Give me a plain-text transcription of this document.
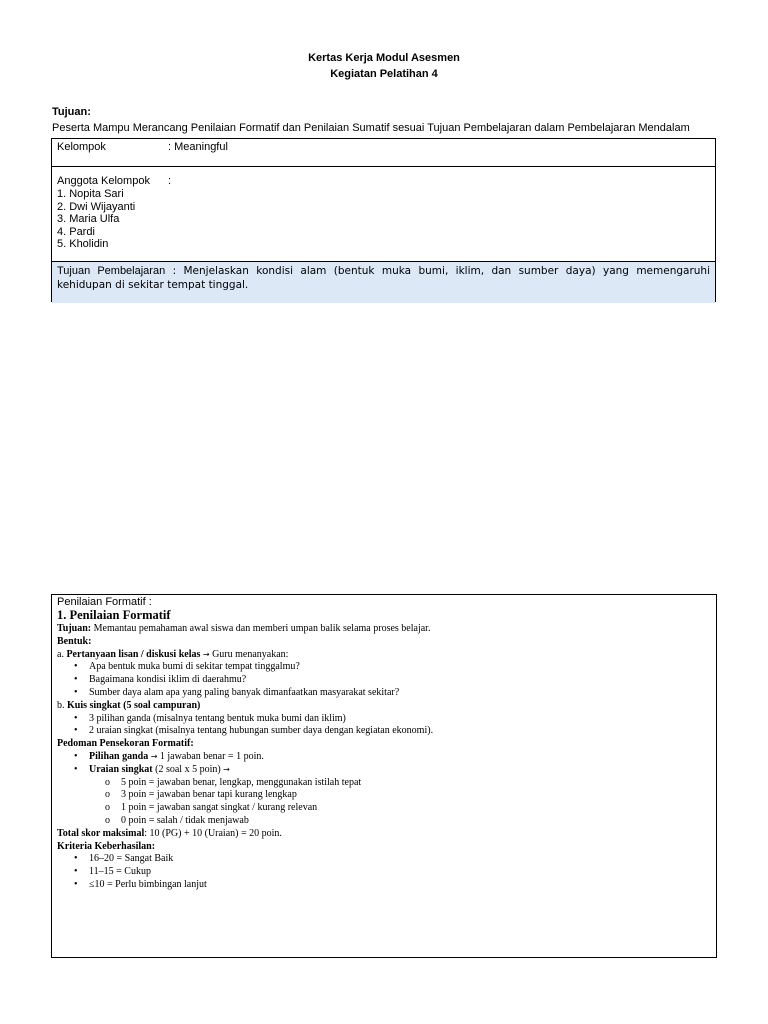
Kertas Kerja Modul Asesmen
Kegiatan Pelatihan 4
Tujuan:
Peserta Mampu Merancang Penilaian Formatif dan Penilaian Sumatif sesuai Tujuan Pembelajaran dalam Pembelajaran Mendalam
Kelompok	: Meaningful
Anggota Kelompok :
1. Nopita Sari
2. Dwi Wijayanti
3. Maria Ulfa
4. Pardi
5. Kholidin
Tujuan Pembelajaran : Menjelaskan kondisi alam (bentuk muka bumi, iklim, dan sumber daya) yang memengaruhi kehidupan di sekitar tempat tinggal.
Penilaian Formatif :
1. Penilaian Formatif
Tujuan: Memantau pemahaman awal siswa dan memberi umpan balik selama proses belajar.
Bentuk:
a. Pertanyaan lisan / diskusi kelas → Guru menanyakan:
• Apa bentuk muka bumi di sekitar tempat tinggalmu?
• Bagaimana kondisi iklim di daerahmu?
• Sumber daya alam apa yang paling banyak dimanfaatkan masyarakat sekitar?
b. Kuis singkat (5 soal campuran)
• 3 pilihan ganda (misalnya tentang bentuk muka bumi dan iklim)
• 2 uraian singkat (misalnya tentang hubungan sumber daya dengan kegiatan ekonomi).
Pedoman Pensekoran Formatif:
• Pilihan ganda → 1 jawaban benar = 1 poin.
• Uraian singkat (2 soal x 5 poin) →
o 5 poin = jawaban benar, lengkap, menggunakan istilah tepat
o 3 poin = jawaban benar tapi kurang lengkap
o 1 poin = jawaban sangat singkat / kurang relevan
o 0 poin = salah / tidak menjawab
Total skor maksimal: 10 (PG) + 10 (Uraian) = 20 poin.
Kriteria Keberhasilan:
• 16–20 = Sangat Baik
• 11–15 = Cukup
• ≤10 = Perlu bimbingan lanjut
